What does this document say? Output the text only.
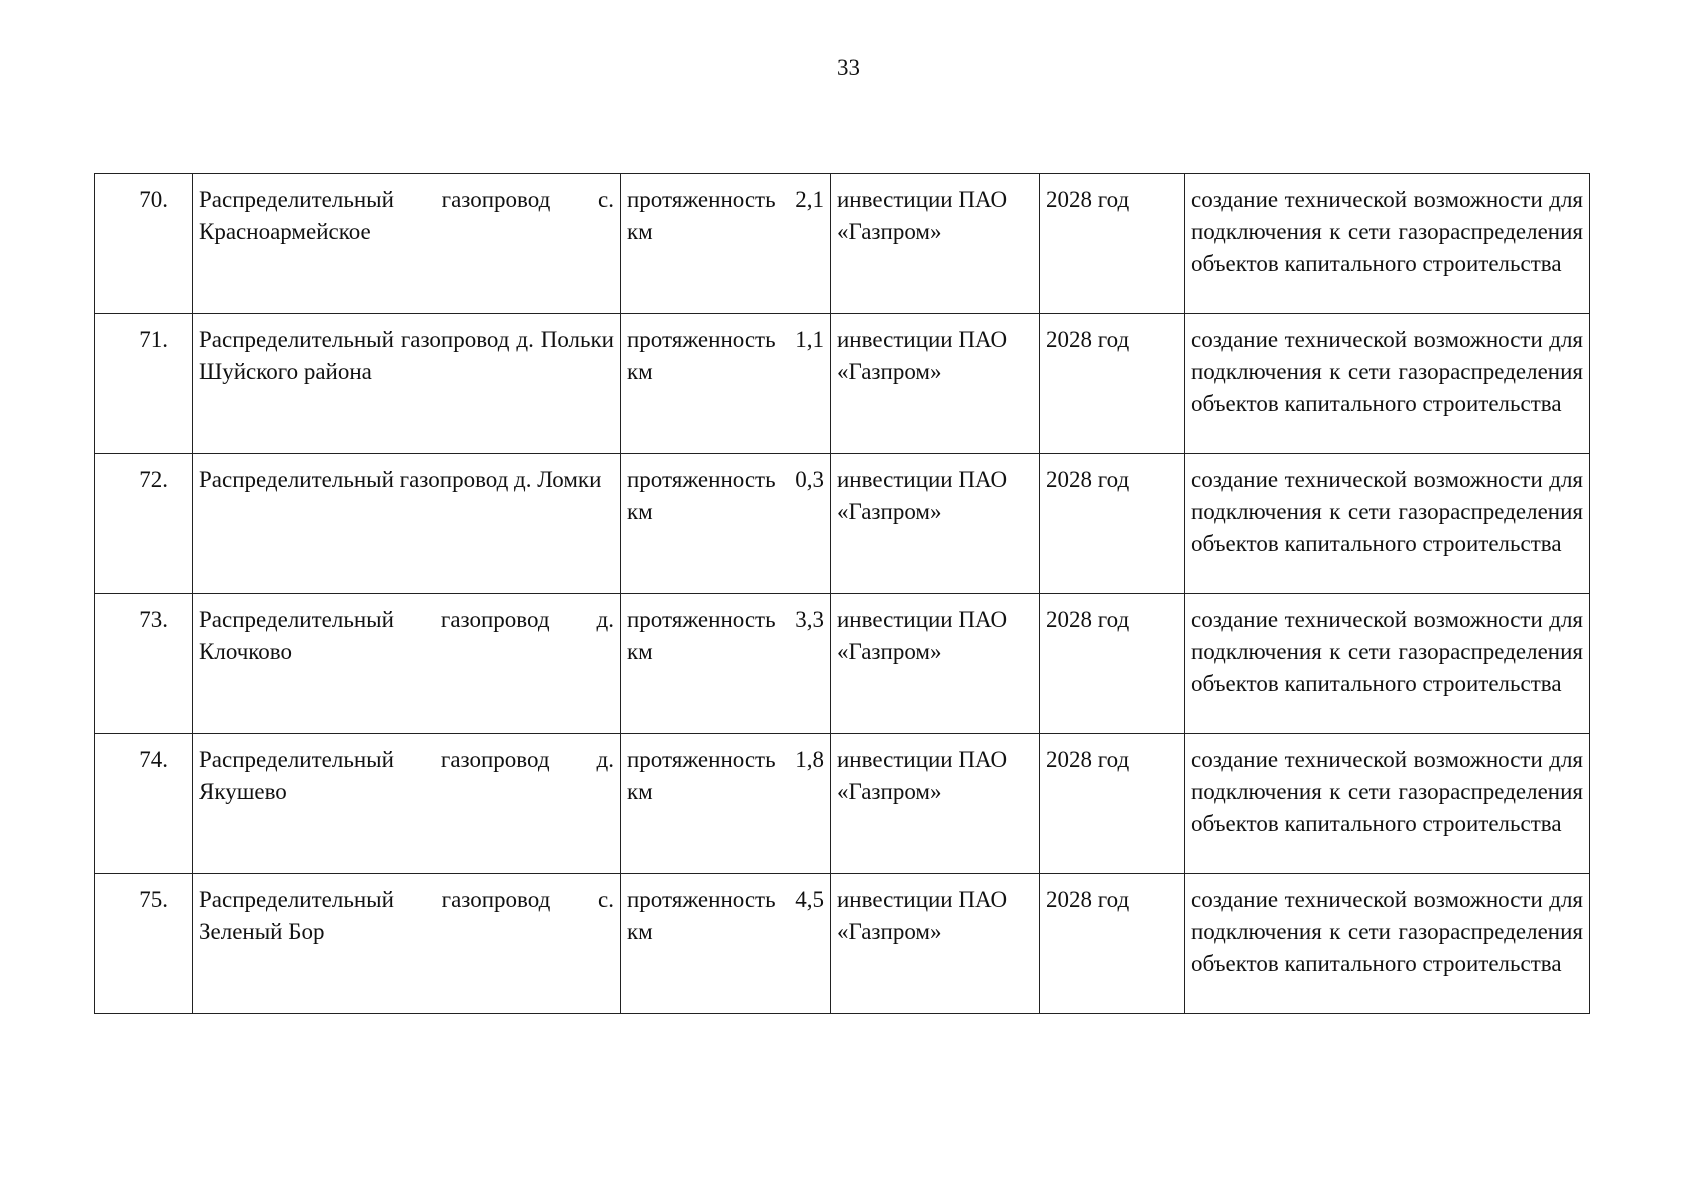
33
70.	Распределительный газопровод с. Красноармейское	протяженность 2,1 км	инвестиции ПАО «Газпром»	2028 год	создание технической возможности для подключения к сети газораспределения объектов капитального строительства
71.	Распределительный газопровод д. Польки Шуйского района	протяженность 1,1 км	инвестиции ПАО «Газпром»	2028 год	создание технической возможности для подключения к сети газораспределения объектов капитального строительства
72.	Распределительный газопровод д. Ломки	протяженность 0,3 км	инвестиции ПАО «Газпром»	2028 год	создание технической возможности для подключения к сети газораспределения объектов капитального строительства
73.	Распределительный газопровод д. Клочково	протяженность 3,3 км	инвестиции ПАО «Газпром»	2028 год	создание технической возможности для подключения к сети газораспределения объектов капитального строительства
74.	Распределительный газопровод д. Якушево	протяженность 1,8 км	инвестиции ПАО «Газпром»	2028 год	создание технической возможности для подключения к сети газораспределения объектов капитального строительства
75.	Распределительный газопровод с. Зеленый Бор	протяженность 4,5 км	инвестиции ПАО «Газпром»	2028 год	создание технической возможности для подключения к сети газораспределения объектов капитального строительства
